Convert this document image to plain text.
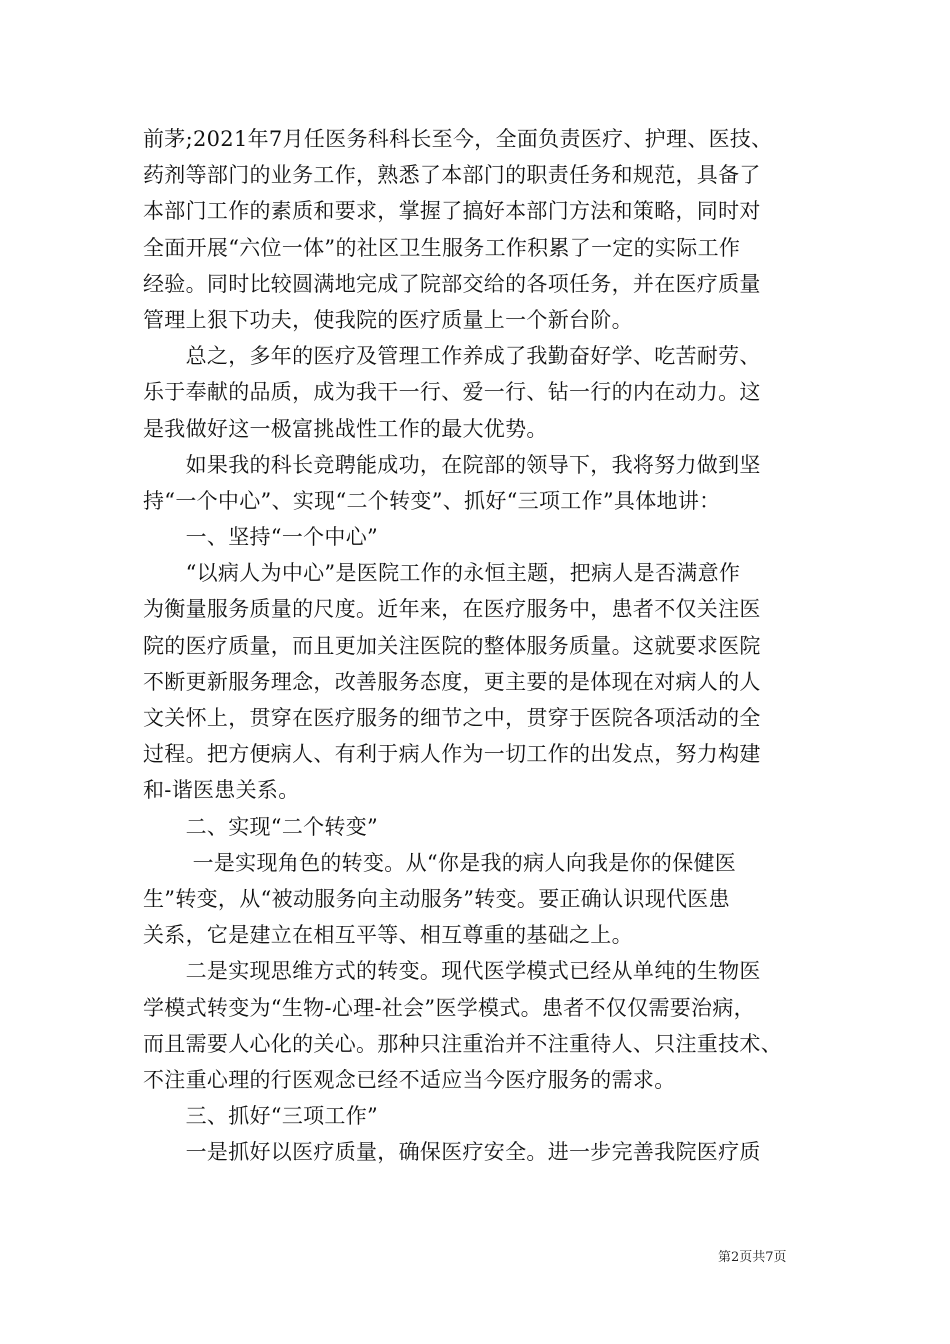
前茅;2021年7月任医务科科长至今，全面负责医疗、护理、医技、
药剂等部门的业务工作，熟悉了本部门的职责任务和规范，具备了
本部门工作的素质和要求，掌握了搞好本部门方法和策略，同时对
全面开展“六位一体”的社区卫生服务工作积累了一定的实际工作
经验。同时比较圆满地完成了院部交给的各项任务，并在医疗质量
管理上狠下功夫，使我院的医疗质量上一个新台阶。
　　总之，多年的医疗及管理工作养成了我勤奋好学、吃苦耐劳、
乐于奉献的品质，成为我干一行、爱一行、钻一行的内在动力。这
是我做好这一极富挑战性工作的最大优势。
　　如果我的科长竞聘能成功，在院部的领导下，我将努力做到坚
持“一个中心”、实现“二个转变”、抓好“三项工作”具体地讲：
　　一、坚持“一个中心”
　　“以病人为中心”是医院工作的永恒主题，把病人是否满意作
为衡量服务质量的尺度。近年来，在医疗服务中，患者不仅关注医
院的医疗质量，而且更加关注医院的整体服务质量。这就要求医院
不断更新服务理念，改善服务态度，更主要的是体现在对病人的人
文关怀上，贯穿在医疗服务的细节之中，贯穿于医院各项活动的全
过程。把方便病人、有利于病人作为一切工作的出发点，努力构建
和-谐医患关系。
　　二、实现“二个转变”
　　 一是实现角色的转变。从“你是我的病人向我是你的保健医
生”转变，从“被动服务向主动服务”转变。要正确认识现代医患
关系，它是建立在相互平等、相互尊重的基础之上。
　　二是实现思维方式的转变。现代医学模式已经从单纯的生物医
学模式转变为“生物-心理-社会”医学模式。患者不仅仅需要治病，
而且需要人心化的关心。那种只注重治并不注重待人、只注重技术、
不注重心理的行医观念已经不适应当今医疗服务的需求。
　　三、抓好“三项工作”
　　一是抓好以医疗质量，确保医疗安全。进一步完善我院医疗质
第2页共7页
